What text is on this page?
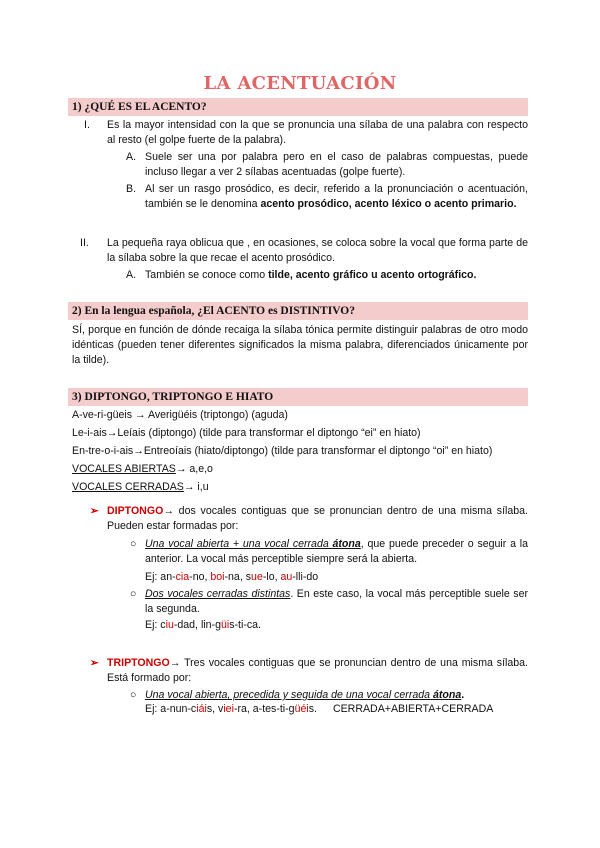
LA ACENTUACIÓN
1) ¿QUÉ ES EL ACENTO?
I. Es la mayor intensidad con la que se pronuncia una sílaba de una palabra con respecto al resto (el golpe fuerte de la palabra).

A. Suele ser una por palabra pero en el caso de palabras compuestas, puede incluso llegar a ver 2 sílabas acentuadas (golpe fuerte).

B. Al ser un rasgo prosódico, es decir, referido a la pronunciación o acentuación, también se le denomina acento prosódico, acento léxico o acento primario.

II. La pequeña raya oblicua que , en ocasiones, se coloca sobre la vocal que forma parte de la sílaba sobre la que recae el acento prosódico.

A. También se conoce como tilde, acento gráfico u acento ortográfico.

2) En la lengua española, ¿El ACENTO es DISTINTIVO?

SÍ, porque en función de dónde recaiga la sílaba tónica permite distinguir palabras de otro modo idénticas (pueden tener diferentes significados la misma palabra, diferenciados únicamente por la tilde).

3) DIPTONGO, TRIPTONGO E HIATO

A-ve-ri-güeis → Averigüéis (triptongo) (aguda)

Le-i-ais→Leíais (diptongo) (tilde para transformar el diptongo “ei” en hiato)

En-tre-o-i-ais→Entreoíais (hiato/diptongo) (tilde para transformar el diptongo “oi” en hiato)

VOCALES ABIERTAS→ a,e,o

VOCALES CERRADAS→ i,u

➢ DIPTONGO→ dos vocales contiguas que se pronuncian dentro de una misma sílaba. Pueden estar formadas por:

○ Una vocal abierta + una vocal cerrada átona, que puede preceder o seguir a la anterior. La vocal más perceptible siempre será la abierta.

Ej: an-cia-no, boi-na, sue-lo, au-lli-do

○ Dos vocales cerradas distintas. En este caso, la vocal más perceptible suele ser la segunda.

Ej: ciu-dad, lin-güis-ti-ca.

➢ TRIPTONGO→ Tres vocales contiguas que se pronuncian dentro de una misma sílaba. Está formado por:

○ Una vocal abierta, precedida y seguida de una vocal cerrada átona.

Ej: a-nun-ciáis, viei-ra, a-tes-ti-güéis. CERRADA+ABIERTA+CERRADA
